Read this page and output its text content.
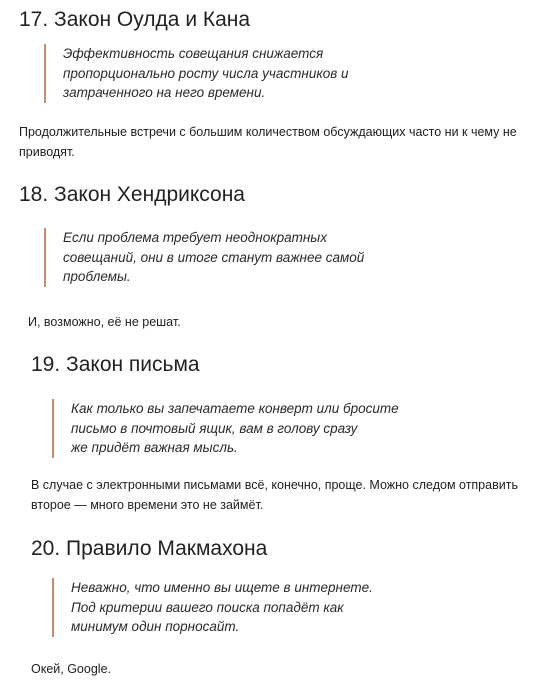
17. Закон Оулда и Кана
Эффективность совещания снижается
пропорционально росту числа участников и
затраченного на него времени.
Продолжительные встречи с большим количеством обсуждающих часто ни к чему не
приводят.
18. Закон Хендриксона
Если проблема требует неоднократных
совещаний, они в итоге станут важнее самой
проблемы.
И, возможно, её не решат.
19. Закон письма
Как только вы запечатаете конверт или бросите
письмо в почтовый ящик, вам в голову сразу
же придёт важная мысль.
В случае с электронными письмами всё, конечно, проще. Можно следом отправить
второе — много времени это не займёт.
20. Правило Макмахона
Неважно, что именно вы ищете в интернете.
Под критерии вашего поиска попадёт как
минимум один порносайт.
Окей, Google.
